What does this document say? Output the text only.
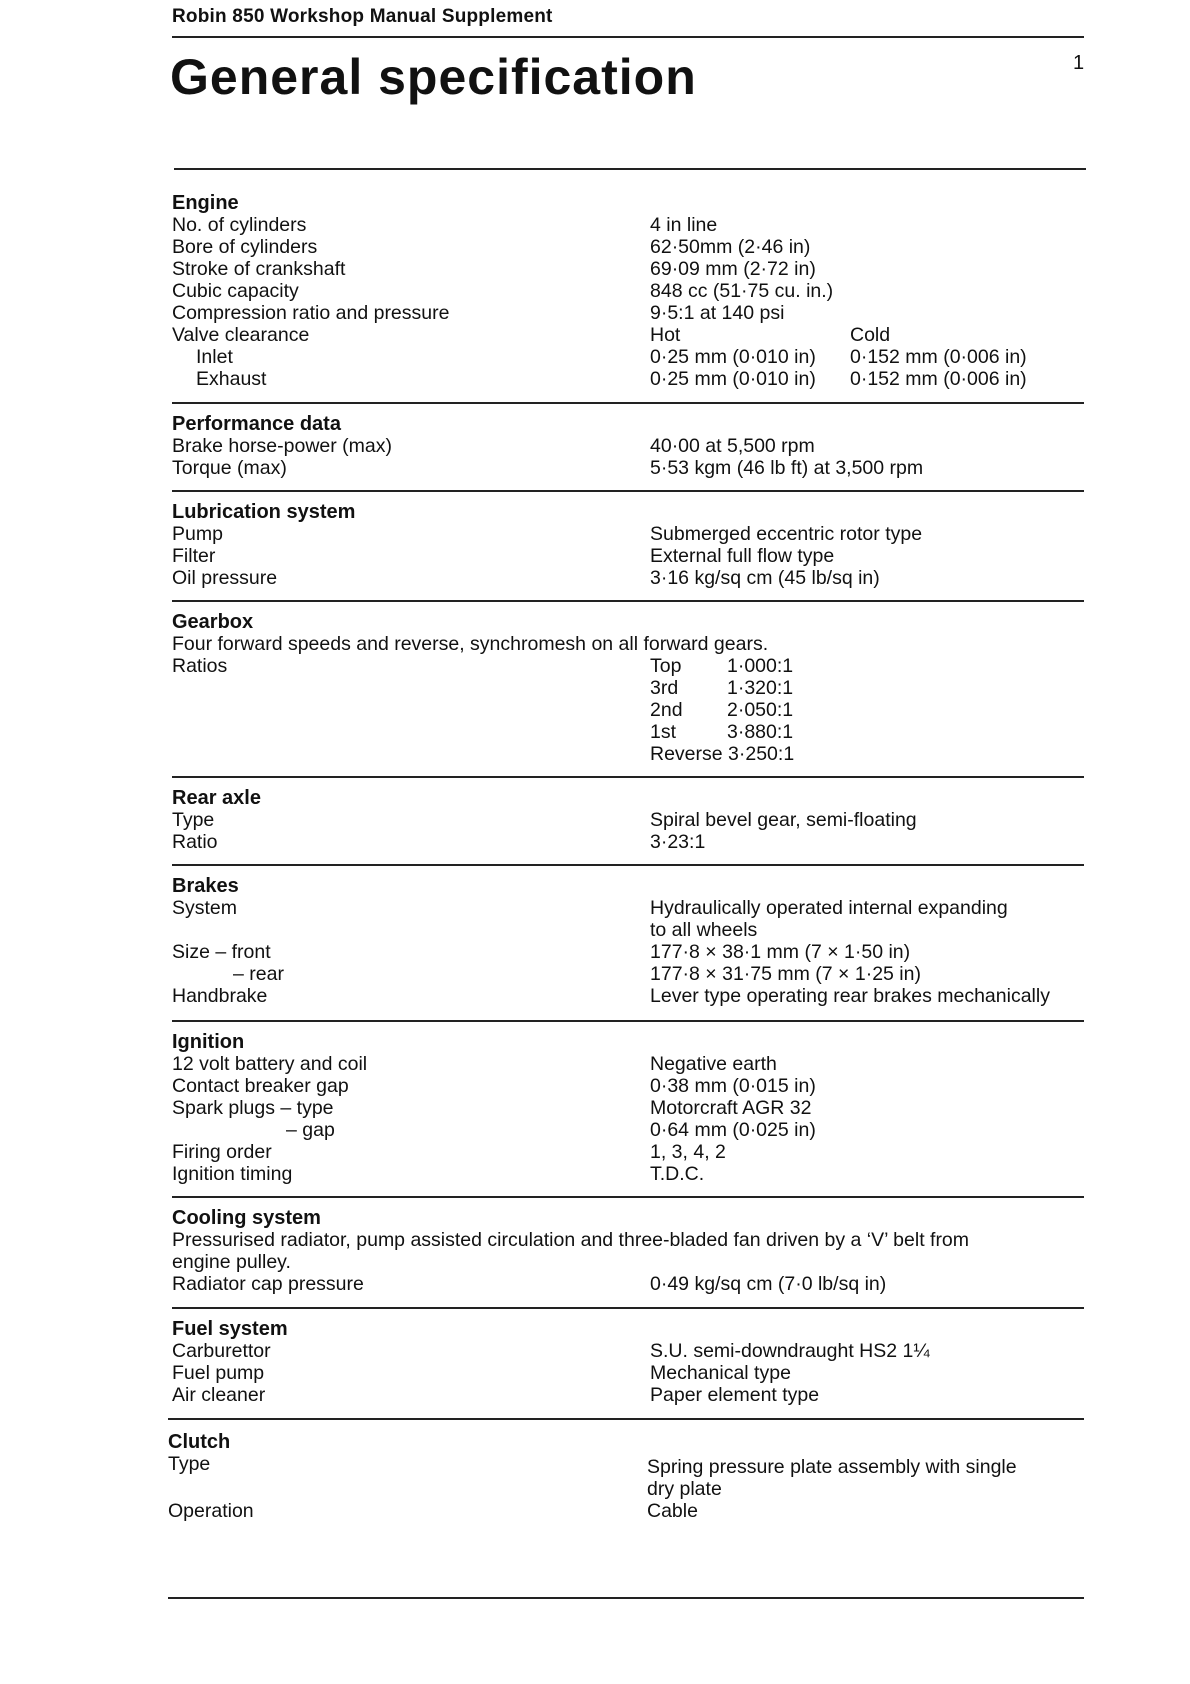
Robin 850 Workshop Manual Supplement
1
General specification
Engine
No. of cylinders	4 in line
Bore of cylinders	62·50mm (2·46 in)
Stroke of crankshaft	69·09 mm (2·72 in)
Cubic capacity	848 cc (51·75 cu. in.)
Compression ratio and pressure	9·5:1 at 140 psi
Valve clearance	Hot	Cold
Inlet	0·25 mm (0·010 in) 0·152 mm (0·006 in)
Exhaust	0·25 mm (0·010 in) 0·152 mm (0·006 in)
Performance data
Brake horse-power (max)	40·00 at 5,500 rpm
Torque (max)	5·53 kgm (46 lb ft) at 3,500 rpm
Lubrication system
Pump	Submerged eccentric rotor type
Filter	External full flow type
Oil pressure	3·16 kg/sq cm (45 lb/sq in)
Gearbox
Four forward speeds and reverse, synchromesh on all forward gears.
Ratios	Top 1·000:1
3rd	1·320:1
2nd 2·050:1
1st	3·880:1
Reverse 3·250:1
Rear axle
Type	Spiral bevel gear, semi-floating
Ratio	3·23:1
Brakes
System	Hydraulically operated internal expanding
to all wheels
Size – front	177·8 × 38·1 mm (7 × 1·50 in)
– rear	177·8 × 31·75 mm (7 × 1·25 in)
Handbrake	Lever type operating rear brakes mechanically
Ignition
12 volt battery and coil	Negative earth
Contact breaker gap	0·38 mm (0·015 in)
Spark plugs – type	Motorcraft AGR 32
– gap	0·64 mm (0·025 in)
Firing order	1, 3, 4, 2
Ignition timing	T.D.C.
Cooling system
Pressurised radiator, pump assisted circulation and three-bladed fan driven by a ‘V’ belt from
engine pulley.
Radiator cap pressure	0·49 kg/sq cm (7·0 lb/sq in)
Fuel system
Carburettor	S.U. semi-downdraught HS2 1¼
Fuel pump	Mechanical type
Air cleaner	Paper element type
Clutch
Type	Spring pressure plate assembly with single
dry plate
Operation	Cable
